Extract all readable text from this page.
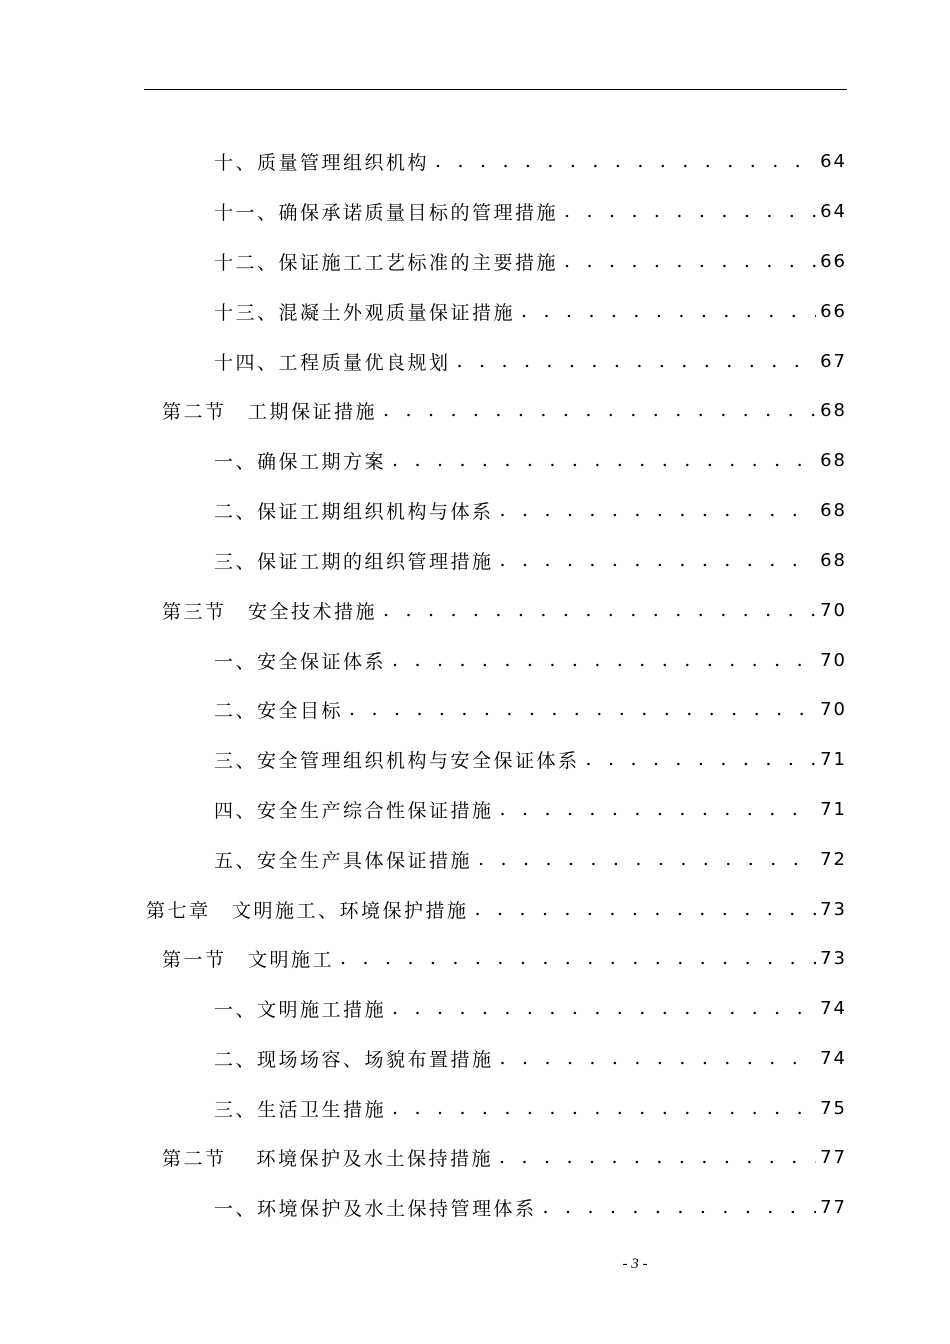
十、质量管理组织机构 . . .	64
十一、确保承诺质量目标的管理措施 . . .	64
十二、保证施工工艺标准的主要措施 . . .	66
十三、混凝土外观质量保证措施 . . .	66
十四、工程质量优良规划 . . .	67
第二节　工期保证措施 . . .	68
一、确保工期方案 . . .	68
二、保证工期组织机构与体系 . . .	68
三、保证工期的组织管理措施 . . .	68
第三节　安全技术措施 . . .	70
一、安全保证体系 . . .	70
二、安全目标 . . .	70
三、安全管理组织机构与安全保证体系 . . .	71
四、安全生产综合性保证措施 . . .	71
五、安全生产具体保证措施 . . .	72
第七章　文明施工、环境保护措施 . . .	73
第一节　文明施工 . . .	73
一、文明施工措施 . . .	74
二、现场场容、场貌布置措施 . . .	74
三、生活卫生措施 . . .	75
第二节　 环境保护及水土保持措施 . . .	77
一、环境保护及水土保持管理体系 . . .	77
- 3 -
